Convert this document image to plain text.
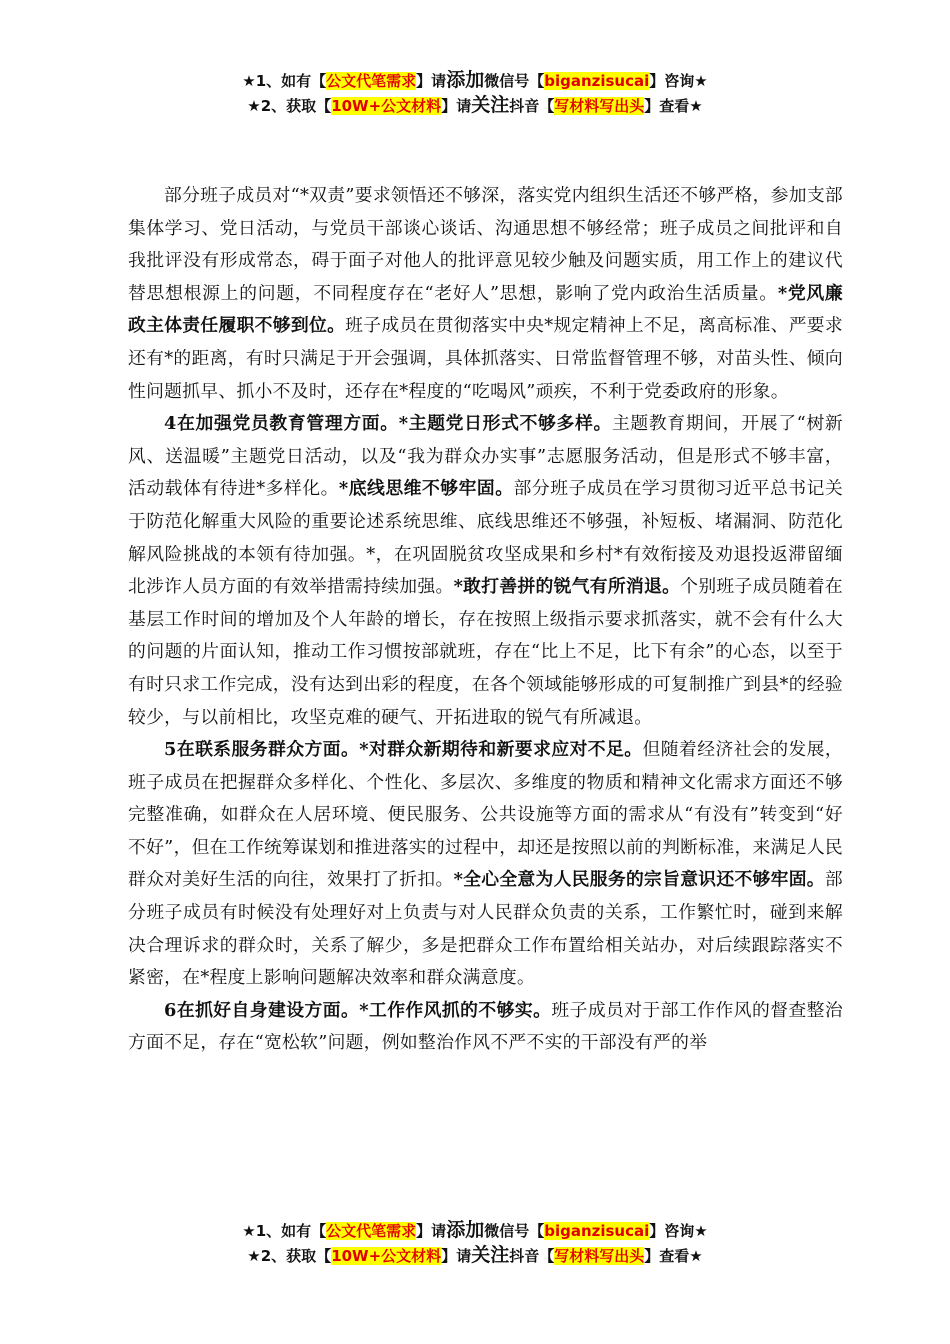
★1、如有【公文代笔需求】请添加微信号【biganzisucai】咨询★
★2、获取【10W+公文材料】请关注抖音【写材料写出头】查看★

部分班子成员对“*双责”要求领悟还不够深，落实党内组织生活还不够严格，参加支部集体学习、党日活动，与党员干部谈心谈话、沟通思想不够经常；班子成员之间批评和自我批评没有形成常态，碍于面子对他人的批评意见较少触及问题实质，用工作上的建议代替思想根源上的问题，不同程度存在“老好人”思想，影响了党内政治生活质量。*党风廉政主体责任履职不够到位。班子成员在贯彻落实中央*规定精神上不足，离高标准、严要求还有*的距离，有时只满足于开会强调，具体抓落实、日常监督管理不够，对苗头性、倾向性问题抓早、抓小不及时，还存在*程度的“吃喝风”顽疾，不利于党委政府的形象。

4在加强党员教育管理方面。*主题党日形式不够多样。主题教育期间，开展了“树新风、送温暖”主题党日活动，以及“我为群众办实事”志愿服务活动，但是形式不够丰富，活动载体有待进*多样化。*底线思维不够牢固。部分班子成员在学习贯彻习近平总书记关于防范化解重大风险的重要论述系统思维、底线思维还不够强，补短板、堵漏洞、防范化解风险挑战的本领有待加强。*，在巩固脱贫攻坚成果和乡村*有效衔接及劝退投返滞留缅北涉诈人员方面的有效举措需持续加强。*敢打善拼的锐气有所消退。个别班子成员随着在基层工作时间的增加及个人年龄的增长，存在按照上级指示要求抓落实，就不会有什么大的问题的片面认知，推动工作习惯按部就班，存在“比上不足，比下有余”的心态，以至于有时只求工作完成，没有达到出彩的程度，在各个领域能够形成的可复制推广到县*的经验较少，与以前相比，攻坚克难的硬气、开拓进取的锐气有所减退。

5在联系服务群众方面。*对群众新期待和新要求应对不足。但随着经济社会的发展，班子成员在把握群众多样化、个性化、多层次、多维度的物质和精神文化需求方面还不够完整准确，如群众在人居环境、便民服务、公共设施等方面的需求从“有没有”转变到“好不好”，但在工作统筹谋划和推进落实的过程中，却还是按照以前的判断标准，来满足人民群众对美好生活的向往，效果打了折扣。*全心全意为人民服务的宗旨意识还不够牢固。部分班子成员有时候没有处理好对上负责与对人民群众负责的关系，工作繁忙时，碰到来解决合理诉求的群众时，关系了解少，多是把群众工作布置给相关站办，对后续跟踪落实不紧密，在*程度上影响问题解决效率和群众满意度。

6在抓好自身建设方面。*工作作风抓的不够实。班子成员对于部工作作风的督查整治方面不足，存在“宽松软”问题，例如整治作风不严不实的干部没有严的举

★1、如有【公文代笔需求】请添加微信号【biganzisucai】咨询★
★2、获取【10W+公文材料】请关注抖音【写材料写出头】查看★
